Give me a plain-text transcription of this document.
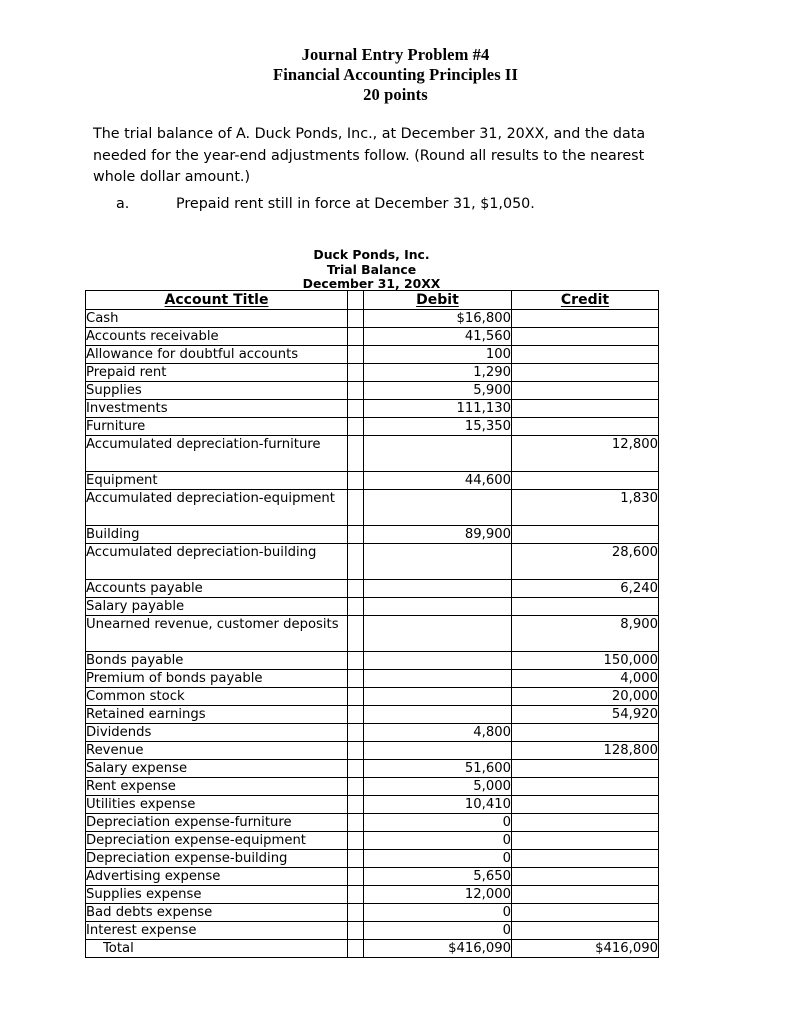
Journal Entry Problem #4
Financial Accounting Principles II
20 points
The trial balance of A. Duck Ponds, Inc., at December 31, 20XX, and the data needed for the year-end adjustments follow. (Round all results to the nearest whole dollar amount.)
a.	Prepaid rent still in force at December 31, $1,050.
Duck Ponds, Inc.
Trial Balance
December 31, 20XX
Account Title		Debit	Credit
Cash		$16,800	
Accounts receivable		41,560	
Allowance for doubtful accounts		100	
Prepaid rent		1,290	
Supplies		5,900	
Investments		111,130	
Furniture		15,350	
Accumulated depreciation-furniture			12,800
Equipment		44,600	
Accumulated depreciation-equipment			1,830
Building		89,900	
Accumulated depreciation-building			28,600
Accounts payable			6,240
Salary payable			
Unearned revenue, customer deposits			8,900
Bonds payable			150,000
Premium of bonds payable			4,000
Common stock			20,000
Retained earnings			54,920
Dividends		4,800	
Revenue			128,800
Salary expense		51,600	
Rent expense		5,000	
Utilities expense		10,410	
Depreciation expense-furniture		0	
Depreciation expense-equipment		0	
Depreciation expense-building		0	
Advertising expense		5,650	
Supplies expense		12,000	
Bad debts expense		0	
Interest expense		0	
Total		$416,090	$416,090
